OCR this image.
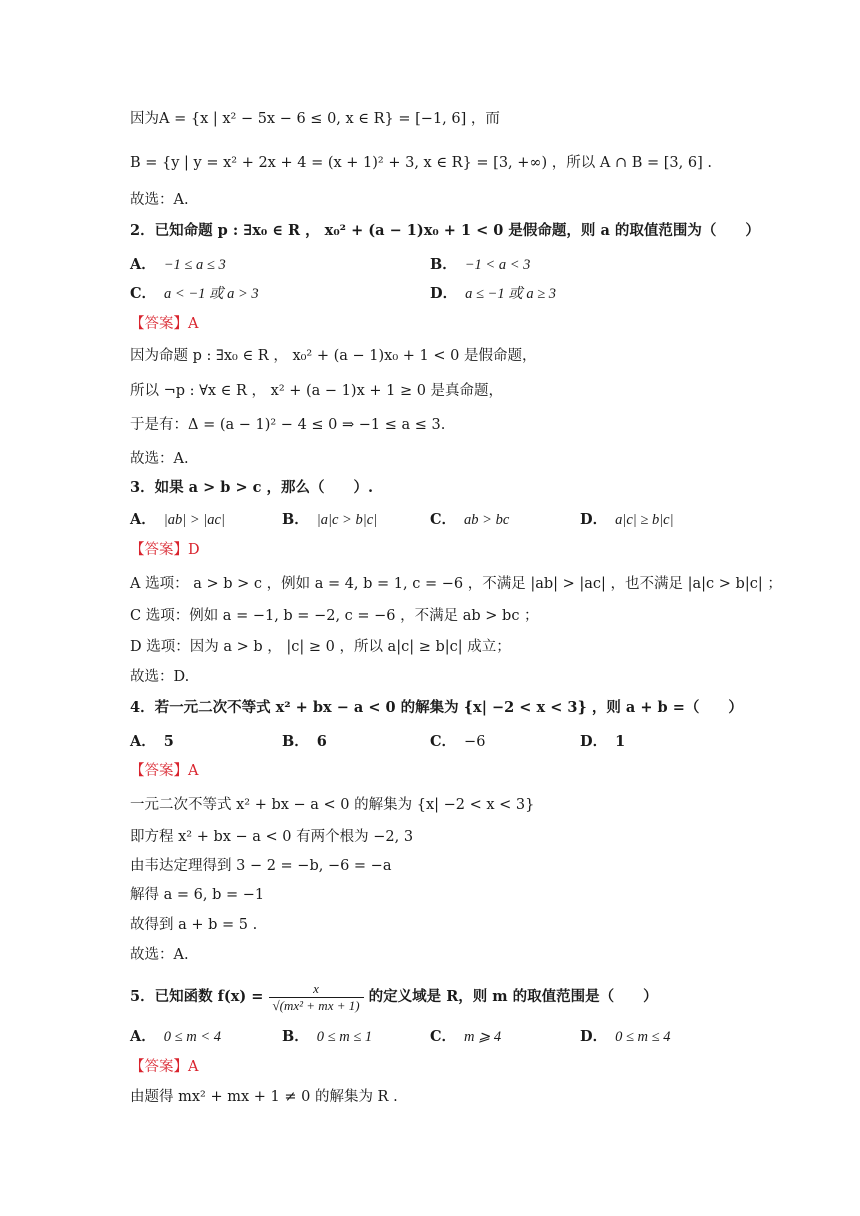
因为A = {x | x² − 5x − 6 ≤ 0, x ∈ R} = [−1, 6] ，而
B = {y | y = x² + 2x + 4 = (x + 1)² + 3, x ∈ R} = [3, +∞) ，所以 A ∩ B = [3, 6] .
故选：A.
2．已知命题 p : ∃x₀ ∈ R ， x₀² + (a − 1)x₀ + 1 < 0 是假命题，则 a 的取值范围为（　　）
A． −1 ≤ a ≤ 3	B． −1 < a < 3
C． a < −1 或 a > 3	D． a ≤ −1 或 a ≥ 3
【答案】A
因为命题 p : ∃x₀ ∈ R ， x₀² + (a − 1)x₀ + 1 < 0 是假命题，
所以 ¬p : ∀x ∈ R ， x² + (a − 1)x + 1 ≥ 0 是真命题，
于是有：Δ = (a − 1)² − 4 ≤ 0 ⇒ −1 ≤ a ≤ 3.
故选：A.
3．如果 a > b > c ，那么（　　）.
A． |ab| > |ac|	B． |a|c > b|c|	C． ab > bc	D． a|c| ≥ b|c|
【答案】D
A 选项： a > b > c ，例如 a = 4, b = 1, c = −6 ，不满足 |ab| > |ac| ，也不满足 |a|c > b|c| ；
C 选项：例如 a = −1, b = −2, c = −6 ，不满足 ab > bc ；
D 选项：因为 a > b ， |c| ≥ 0 ，所以 a|c| ≥ b|c| 成立；
故选：D.
4．若一元二次不等式 x² + bx − a < 0 的解集为 {x| −2 < x < 3} ，则 a + b =（　　）
A． 5	B． 6	C． −6	D． 1
【答案】A
一元二次不等式 x² + bx − a < 0 的解集为 {x| −2 < x < 3}
即方程 x² + bx − a < 0 有两个根为 −2, 3
由韦达定理得到 3 − 2 = −b, −6 = −a
解得 a = 6, b = −1
故得到 a + b = 5 .
故选：A.
5．已知函数 $f(x) = \frac{x}{\text{√(mx² + mx + 1)}}$ 的定义域是 R，则 m 的取值范围是（　　）
A． 0 ≤ m < 4	B． 0 ≤ m ≤ 1	C． m ⩾ 4	D． 0 ≤ m ≤ 4
【答案】A
由题得 mx² + mx + 1 ≠ 0 的解集为 R .
